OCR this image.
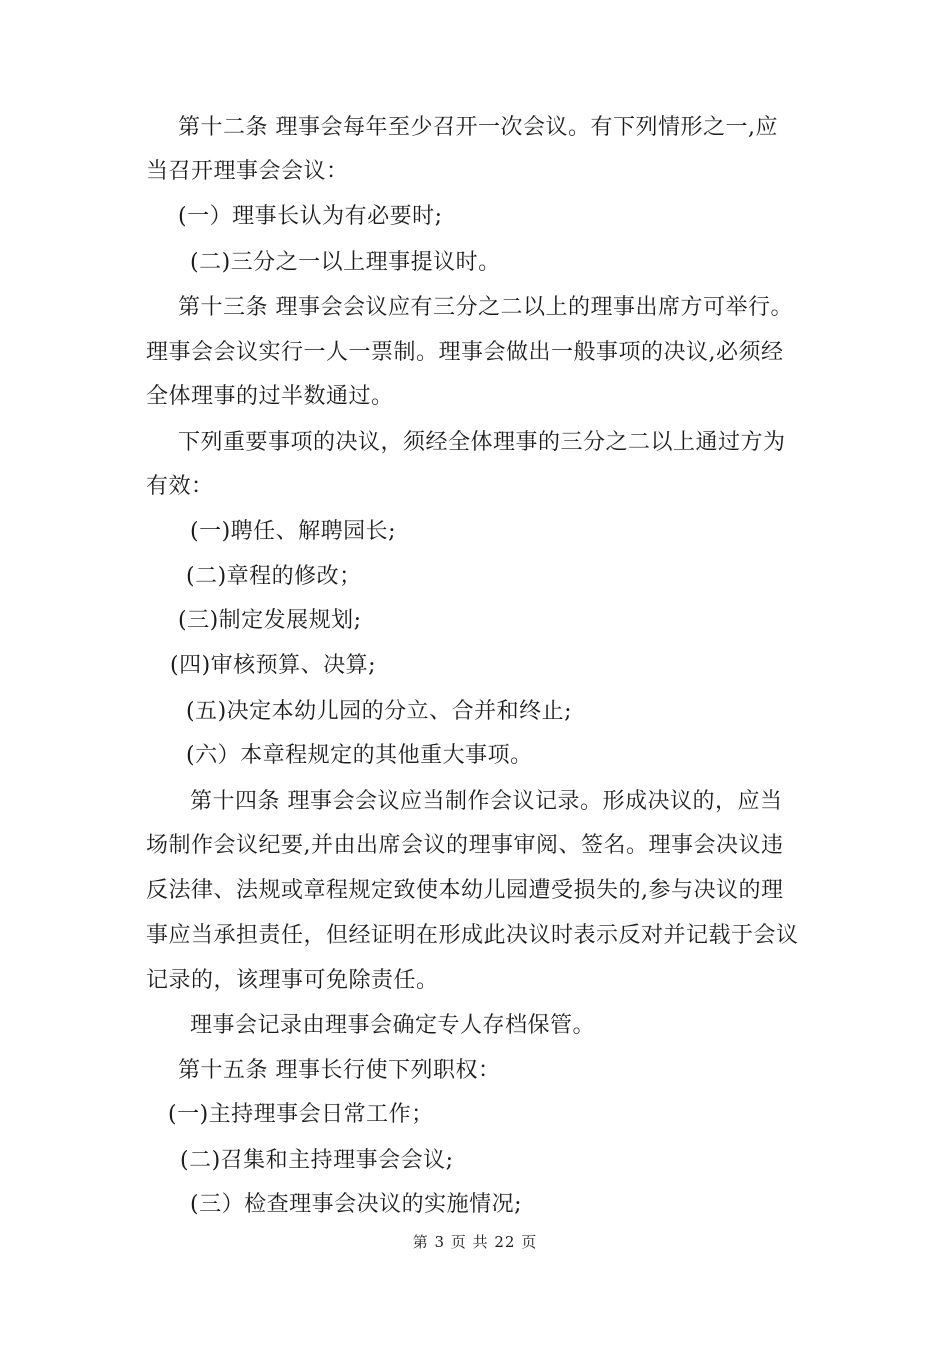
第十二条 理事会每年至少召开一次会议。有下列情形之一,应
当召开理事会会议：
(一）理事长认为有必要时;
(二)三分之一以上理事提议时。
第十三条 理事会会议应有三分之二以上的理事出席方可举行。
理事会会议实行一人一票制。理事会做出一般事项的决议,必须经
全体理事的过半数通过。
下列重要事项的决议，须经全体理事的三分之二以上通过方为
有效：
(一)聘任、解聘园长;
(二)章程的修改；
(三)制定发展规划;
(四)审核预算、决算;
(五)决定本幼儿园的分立、合并和终止;
(六）本章程规定的其他重大事项。
第十四条 理事会会议应当制作会议记录。形成决议的，应当
场制作会议纪要,并由出席会议的理事审阅、签名。理事会决议违
反法律、法规或章程规定致使本幼儿园遭受损失的,参与决议的理
事应当承担责任，但经证明在形成此决议时表示反对并记载于会议
记录的，该理事可免除责任。
理事会记录由理事会确定专人存档保管。
第十五条 理事长行使下列职权：
(一)主持理事会日常工作；
(二)召集和主持理事会会议;
(三）检查理事会决议的实施情况;
第 3 页 共 22 页
